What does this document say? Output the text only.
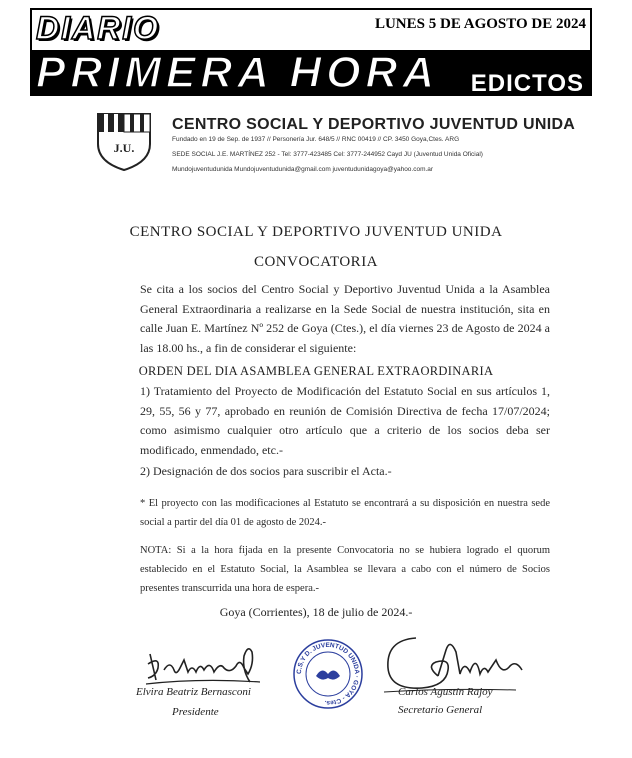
DIARIO	LUNES 5 DE AGOSTO DE 2024
PRIMERA HORA EDICTOS
J.U.
CENTRO SOCIAL Y DEPORTIVO JUVENTUD UNIDA
Fundado en 19 de Sep. de 1937 // Personería Jur. 648/5 // RNC 00419 // CP. 3450 Goya,Ctes. ARG
SEDE SOCIAL J.E. MARTÍNEZ 252 - Tel: 3777-423485 Cel: 3777-244952 Cayd JU (Juventud Unida Oficial)
Mundojuventudunida Mundojuventudunida@gmail.com juventudunidagoya@yahoo.com.ar
CENTRO SOCIAL Y DEPORTIVO JUVENTUD UNIDA
CONVOCATORIA
Se cita a los socios del Centro Social y Deportivo Juventud Unida a la Asamblea General Extraordinaria a realizarse en la Sede Social de nuestra institución, sita en calle Juan E. Martínez Nº 252 de Goya (Ctes.), el día viernes 23 de Agosto de 2024 a las 18.00 hs., a fin de considerar el siguiente:
ORDEN DEL DIA ASAMBLEA GENERAL EXTRAORDINARIA
1) Tratamiento del Proyecto de Modificación del Estatuto Social en sus artículos 1, 29, 55, 56 y 77, aprobado en reunión de Comisión Directiva de fecha 17/07/2024; como asimismo cualquier otro artículo que a criterio de los socios deba ser modificado, enmendado, etc.-
2) Designación de dos socios para suscribir el Acta.-
* El proyecto con las modificaciones al Estatuto se encontrará a su disposición en nuestra sede social a partir del día 01 de agosto de 2024.-
NOTA: Si a la hora fijada en la presente Convocatoria no se hubiera logrado el quorum establecido en el Estatuto Social, la Asamblea se llevara a cabo con el número de Socios presentes transcurrida una hora de espera.-
Goya (Corrientes), 18 de julio de 2024.-
Elvira Beatriz Bernasconi
Presidente
C.S.Y D. JUVENTUD UNIDA · GOYA - Ctes.
Carlos Agustín Rajoy
Secretario General
